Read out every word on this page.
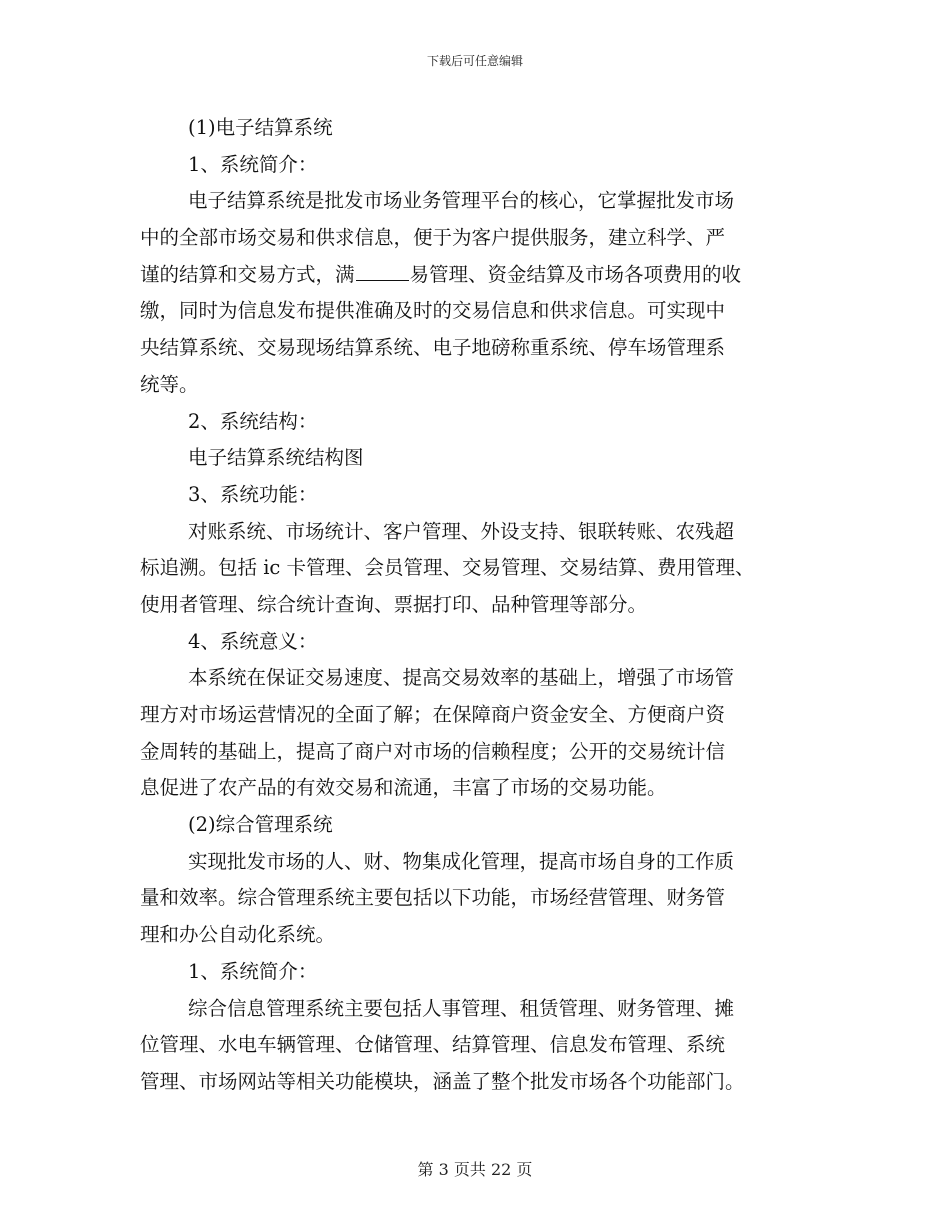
下载后可任意编辑
(1)电子结算系统
1、系统简介：
电子结算系统是批发市场业务管理平台的核心，它掌握批发市场
中的全部市场交易和供求信息，便于为客户提供服务，建立科学、严
谨的结算和交易方式，满	易管理、资金结算及市场各项费用的收
缴，同时为信息发布提供准确及时的交易信息和供求信息。可实现中
央结算系统、交易现场结算系统、电子地磅称重系统、停车场管理系
统等。
2、系统结构：
电子结算系统结构图
3、系统功能：
对账系统、市场统计、客户管理、外设支持、银联转账、农残超
标追溯。包括 ic 卡管理、会员管理、交易管理、交易结算、费用管理、
使用者管理、综合统计查询、票据打印、品种管理等部分。
4、系统意义：
本系统在保证交易速度、提高交易效率的基础上，增强了市场管
理方对市场运营情况的全面了解；在保障商户资金安全、方便商户资
金周转的基础上，提高了商户对市场的信赖程度；公开的交易统计信
息促进了农产品的有效交易和流通，丰富了市场的交易功能。
(2)综合管理系统
实现批发市场的人、财、物集成化管理，提高市场自身的工作质
量和效率。综合管理系统主要包括以下功能，市场经营管理、财务管
理和办公自动化系统。
1、系统简介：
综合信息管理系统主要包括人事管理、租赁管理、财务管理、摊
位管理、水电车辆管理、仓储管理、结算管理、信息发布管理、系统
管理、市场网站等相关功能模块，涵盖了整个批发市场各个功能部门。
第 3 页共 22 页
